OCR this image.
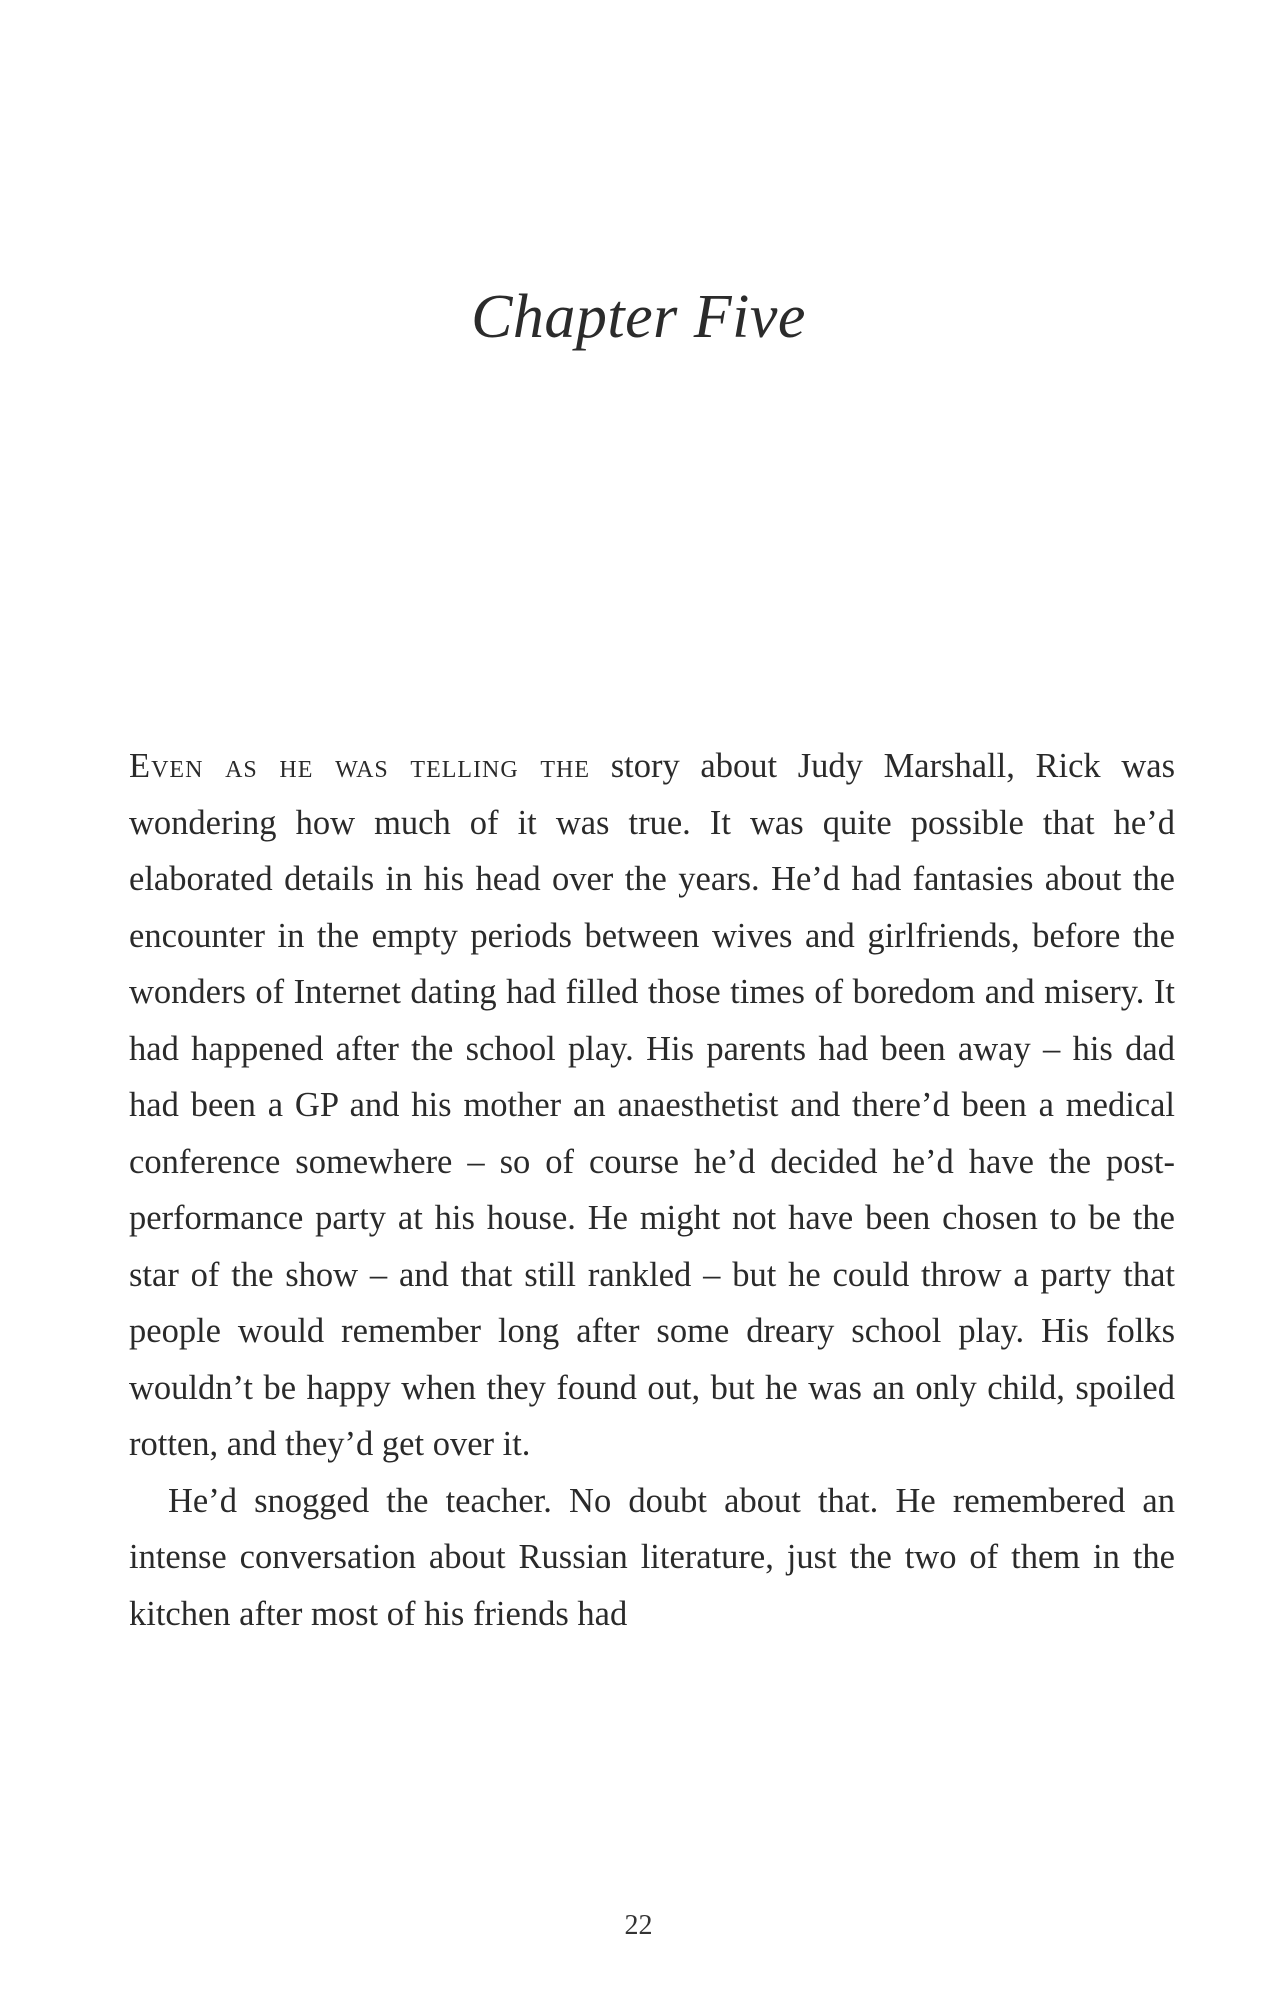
Chapter Five

Even as he was telling the story about Judy Marshall, Rick was wondering how much of it was true. It was quite possible that he’d elaborated details in his head over the years. He’d had fantasies about the encounter in the empty periods between wives and girlfriends, before the wonders of Internet dating had filled those times of boredom and misery. It had happened after the school play. His parents had been away – his dad had been a GP and his mother an anaesthetist and there’d been a medical conference somewhere – so of course he’d decided he’d have the post-performance party at his house. He might not have been chosen to be the star of the show – and that still rankled – but he could throw a party that people would remember long after some dreary school play. His folks wouldn’t be happy when they found out, but he was an only child, spoiled rotten, and they’d get over it.

He’d snogged the teacher. No doubt about that. He remembered an intense conversation about Russian literature, just the two of them in the kitchen after most of his friends had

22
